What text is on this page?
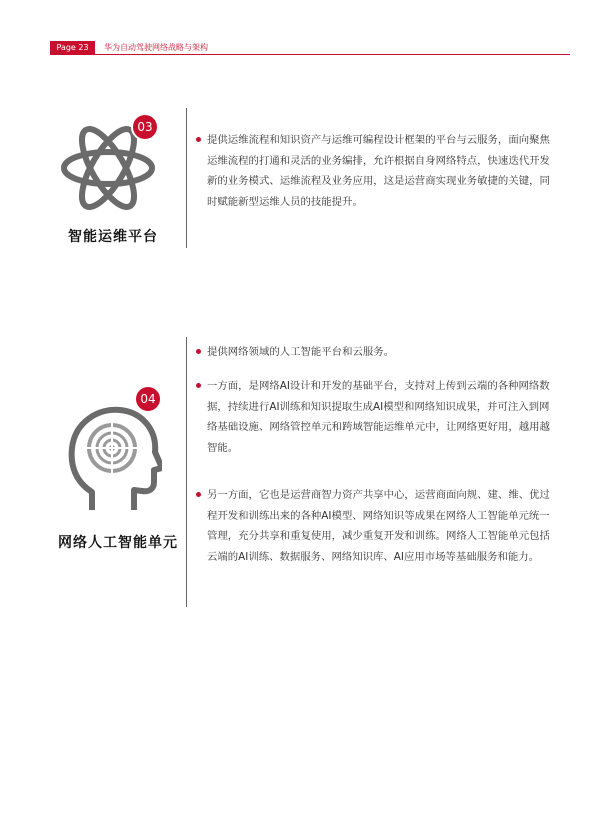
Page 23	华为自动驾驶网络战略与架构
03
智能运维平台
提供运维流程和知识资产与运维可编程设计框架的平台与云服务，面向聚焦运维流程的打通和灵活的业务编排，允许根据自身网络特点，快速迭代开发新的业务模式、运维流程及业务应用，这是运营商实现业务敏捷的关键，同时赋能新型运维人员的技能提升。
04
网络人工智能单元
提供网络领域的人工智能平台和云服务。
一方面，是网络AI设计和开发的基础平台，支持对上传到云端的各种网络数据，持续进行AI训练和知识提取生成AI模型和网络知识成果，并可注入到网络基础设施、网络管控单元和跨域智能运维单元中，让网络更好用，越用越智能。
另一方面，它也是运营商智力资产共享中心，运营商面向规、建、维、优过程开发和训练出来的各种AI模型、网络知识等成果在网络人工智能单元统一管理，充分共享和重复使用，减少重复开发和训练。网络人工智能单元包括云端的AI训练、数据服务、网络知识库、AI应用市场等基础服务和能力。
